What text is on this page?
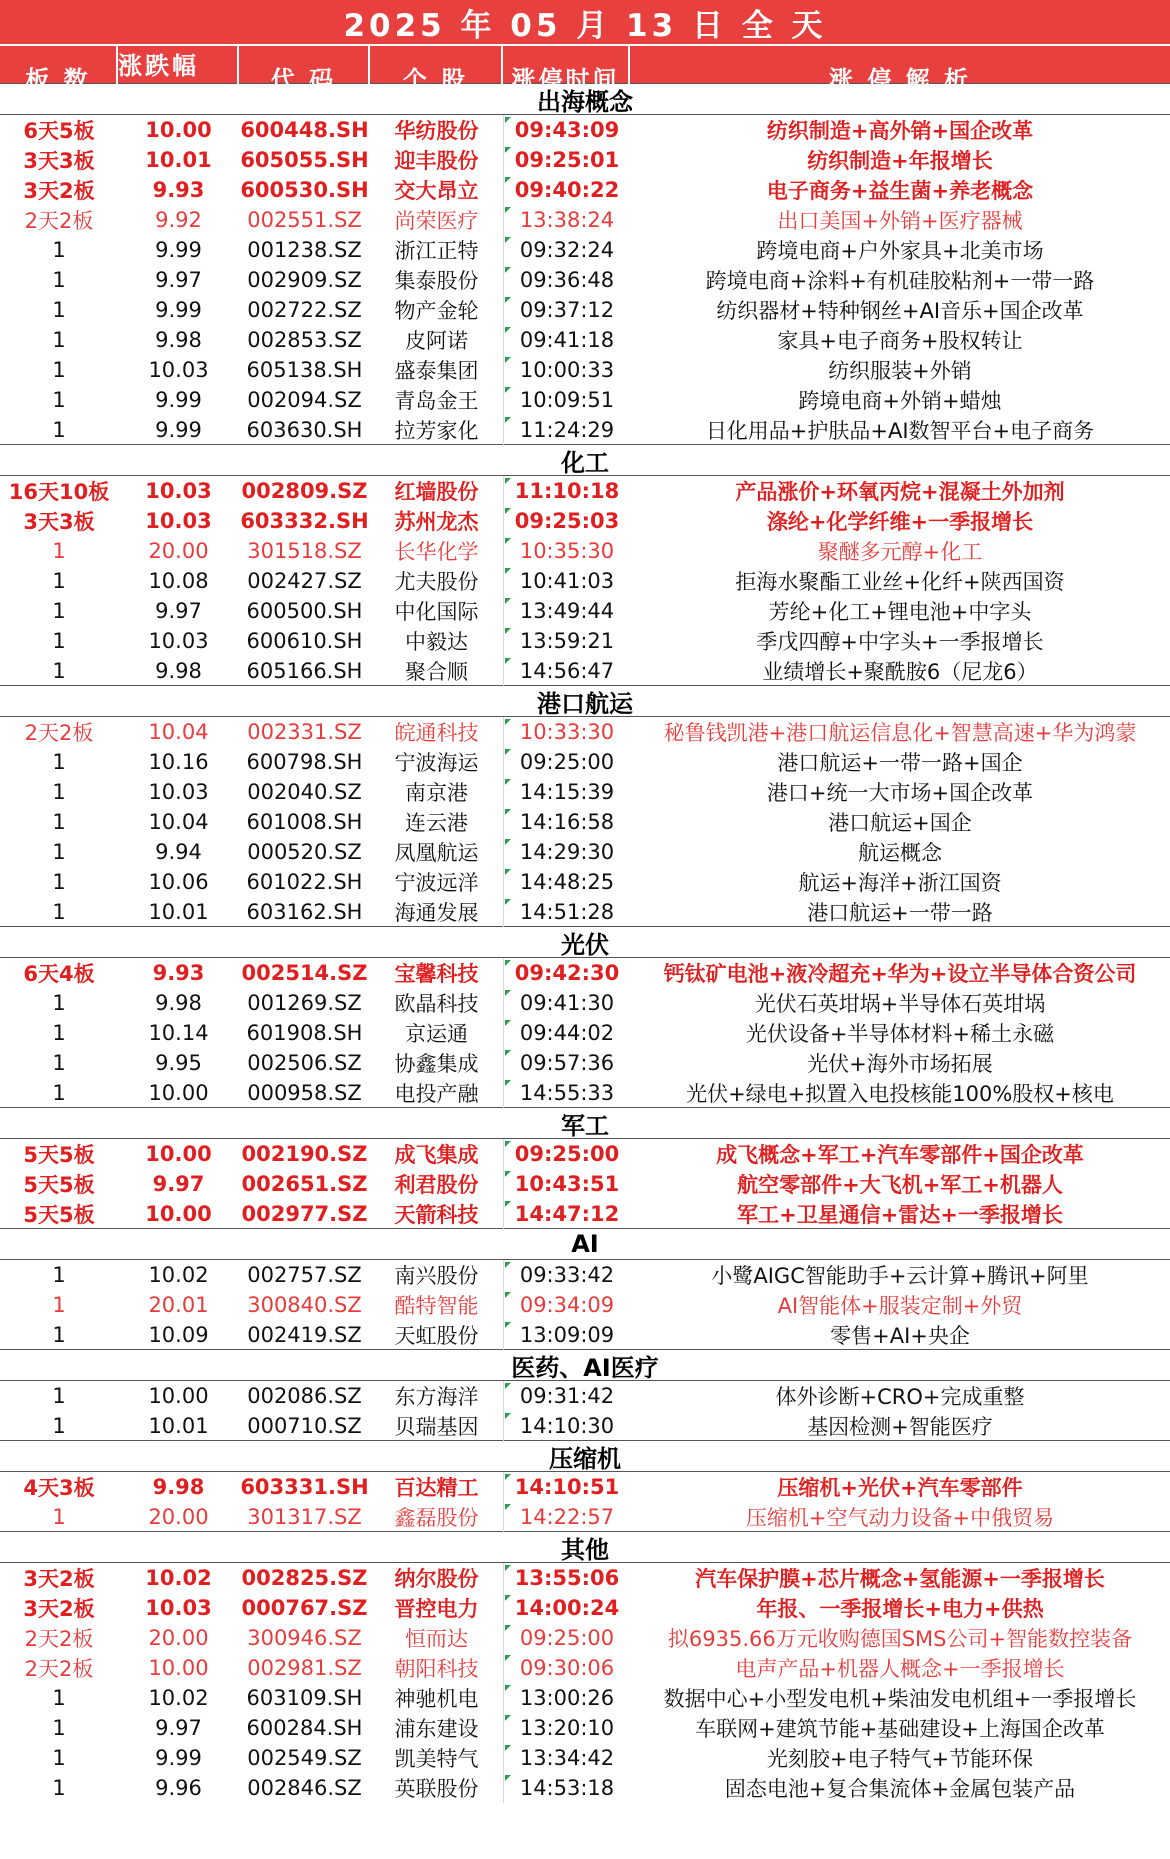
2025 年 05 月 13 日 全 天
板 数	涨跌幅(%)
代 码	个 股	涨停时间	涨 停 解 析
出海概念
6天5板	10.00	600448.SH	华纺股份	09:43:09	纺织制造+高外销+国企改革
3天3板	10.01	605055.SH	迎丰股份	09:25:01	纺织制造+年报增长
3天2板	9.93	600530.SH	交大昂立	09:40:22	电子商务+益生菌+养老概念
2天2板	9.92	002551.SZ	尚荣医疗	13:38:24	出口美国+外销+医疗器械
1	9.99	001238.SZ	浙江正特	09:32:24	跨境电商+户外家具+北美市场
1	9.97	002909.SZ	集泰股份	09:36:48	跨境电商+涂料+有机硅胶粘剂+一带一路
1	9.99	002722.SZ	物产金轮	09:37:12	纺织器材+特种钢丝+AI音乐+国企改革
1	9.98	002853.SZ	皮阿诺	09:41:18	家具+电子商务+股权转让
1	10.03	605138.SH	盛泰集团	10:00:33	纺织服装+外销
1	9.99	002094.SZ	青岛金王	10:09:51	跨境电商+外销+蜡烛
1	9.99	603630.SH	拉芳家化	11:24:29	日化用品+护肤品+AI数智平台+电子商务
化工
16天10板	10.03	002809.SZ	红墙股份	11:10:18	产品涨价+环氧丙烷+混凝土外加剂
3天3板	10.03	603332.SH	苏州龙杰	09:25:03	涤纶+化学纤维+一季报增长
1	20.00	301518.SZ	长华化学	10:35:30	聚醚多元醇+化工
1	10.08	002427.SZ	尤夫股份	10:41:03	拒海水聚酯工业丝+化纤+陕西国资
1	9.97	600500.SH	中化国际	13:49:44	芳纶+化工+锂电池+中字头
1	10.03	600610.SH	中毅达	13:59:21	季戊四醇+中字头+一季报增长
1	9.98	605166.SH	聚合顺	14:56:47	业绩增长+聚酰胺6（尼龙6）
港口航运
2天2板	10.04	002331.SZ	皖通科技	10:33:30	秘鲁钱凯港+港口航运信息化+智慧高速+华为鸿蒙
1	10.16	600798.SH	宁波海运	09:25:00	港口航运+一带一路+国企
1	10.03	002040.SZ	南京港	14:15:39	港口+统一大市场+国企改革
1	10.04	601008.SH	连云港	14:16:58	港口航运+国企
1	9.94	000520.SZ	凤凰航运	14:29:30	航运概念
1	10.06	601022.SH	宁波远洋	14:48:25	航运+海洋+浙江国资
1	10.01	603162.SH	海通发展	14:51:28	港口航运+一带一路
光伏
6天4板	9.93	002514.SZ	宝馨科技	09:42:30	钙钛矿电池+液冷超充+华为+设立半导体合资公司
1	9.98	001269.SZ	欧晶科技	09:41:30	光伏石英坩埚+半导体石英坩埚
1	10.14	601908.SH	京运通	09:44:02	光伏设备+半导体材料+稀土永磁
1	9.95	002506.SZ	协鑫集成	09:57:36	光伏+海外市场拓展
1	10.00	000958.SZ	电投产融	14:55:33	光伏+绿电+拟置入电投核能100%股权+核电
军工
5天5板	10.00	002190.SZ	成飞集成	09:25:00	成飞概念+军工+汽车零部件+国企改革
5天5板	9.97	002651.SZ	利君股份	10:43:51	航空零部件+大飞机+军工+机器人
5天5板	10.00	002977.SZ	天箭科技	14:47:12	军工+卫星通信+雷达+一季报增长
AI
1	10.02	002757.SZ	南兴股份	09:33:42	小鹭AIGC智能助手+云计算+腾讯+阿里
1	20.01	300840.SZ	酷特智能	09:34:09	AI智能体+服装定制+外贸
1	10.09	002419.SZ	天虹股份	13:09:09	零售+AI+央企
医药、AI医疗
1	10.00	002086.SZ	东方海洋	09:31:42	体外诊断+CRO+完成重整
1	10.01	000710.SZ	贝瑞基因	14:10:30	基因检测+智能医疗
压缩机
4天3板	9.98	603331.SH	百达精工	14:10:51	压缩机+光伏+汽车零部件
1	20.00	301317.SZ	鑫磊股份	14:22:57	压缩机+空气动力设备+中俄贸易
其他
3天2板	10.02	002825.SZ	纳尔股份	13:55:06	汽车保护膜+芯片概念+氢能源+一季报增长
3天2板	10.03	000767.SZ	晋控电力	14:00:24	年报、一季报增长+电力+供热
2天2板	20.00	300946.SZ	恒而达	09:25:00	拟6935.66万元收购德国SMS公司+智能数控装备
2天2板	10.00	002981.SZ	朝阳科技	09:30:06	电声产品+机器人概念+一季报增长
1	10.02	603109.SH	神驰机电	13:00:26	数据中心+小型发电机+柴油发电机组+一季报增长
1	9.97	600284.SH	浦东建设	13:20:10	车联网+建筑节能+基础建设+上海国企改革
1	9.99	002549.SZ	凯美特气	13:34:42	光刻胶+电子特气+节能环保
1	9.96	002846.SZ	英联股份	14:53:18	固态电池+复合集流体+金属包装产品
